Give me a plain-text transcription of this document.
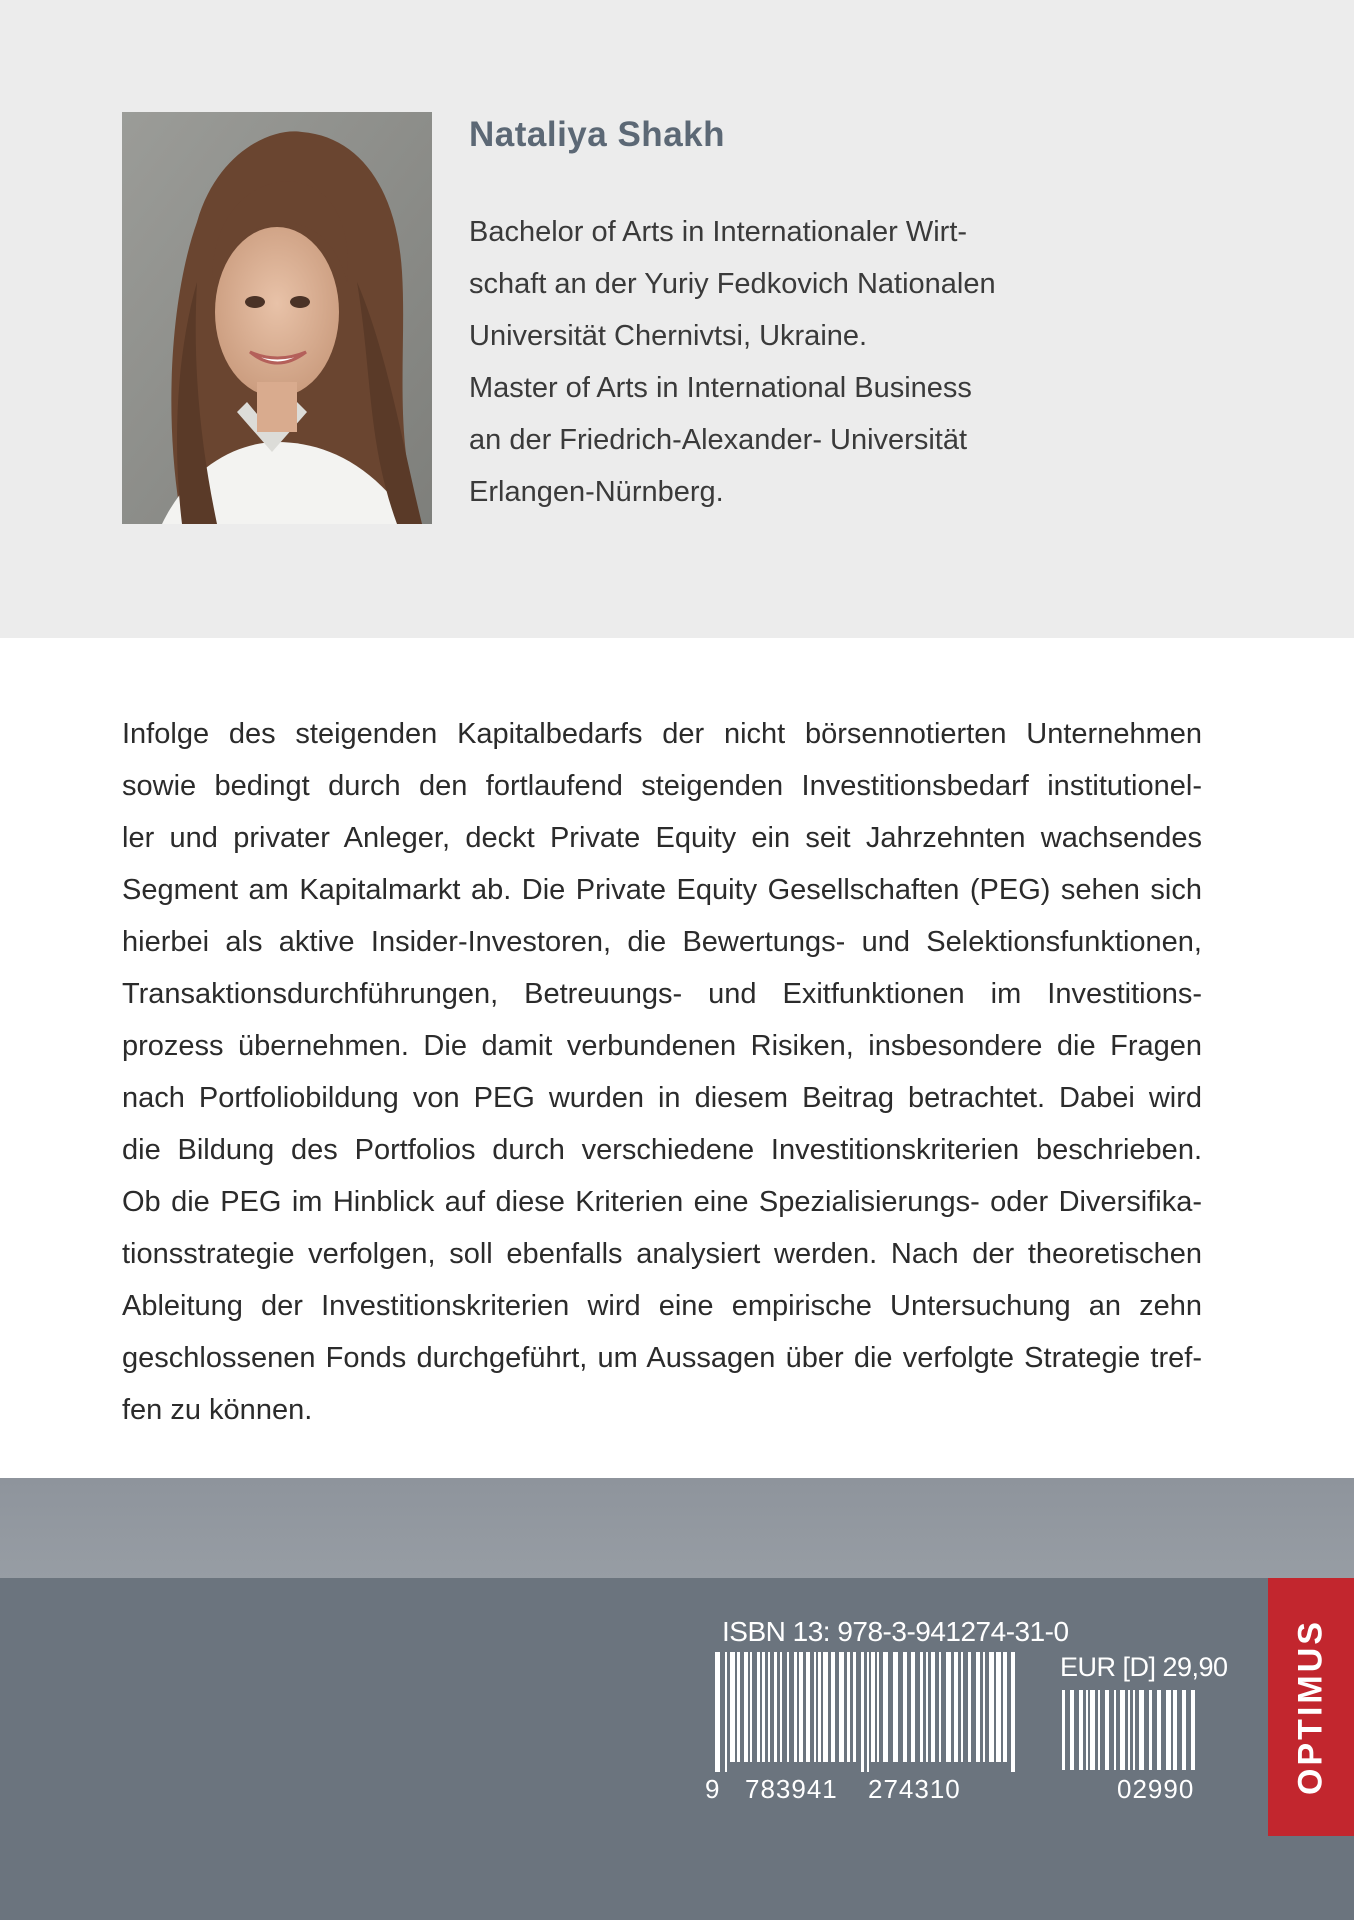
Nataliya Shakh
Bachelor of Arts in Internationaler Wirt-
schaft an der Yuriy Fedkovich Nationalen
Universität Chernivtsi, Ukraine.
Master of Arts in International Business
an der Friedrich-Alexander- Universität
Erlangen-Nürnberg.
Infolge des steigenden Kapitalbedarfs der nicht börsennotierten Unternehmen
sowie bedingt durch den fortlaufend steigenden Investitionsbedarf institutionel-
ler und privater Anleger, deckt Private Equity ein seit Jahrzehnten wachsendes
Segment am Kapitalmarkt ab. Die Private Equity Gesellschaften (PEG) sehen sich
hierbei als aktive Insider-Investoren, die Bewertungs- und Selektionsfunktionen,
Transaktionsdurchführungen, Betreuungs- und Exitfunktionen im Investitions-
prozess übernehmen. Die damit verbundenen Risiken, insbesondere die Fragen
nach Portfoliobildung von PEG wurden in diesem Beitrag betrachtet. Dabei wird
die Bildung des Portfolios durch verschiedene Investitionskriterien beschrieben.
Ob die PEG im Hinblick auf diese Kriterien eine Spezialisierungs- oder Diversifika-
tionsstrategie verfolgen, soll ebenfalls analysiert werden. Nach der theoretischen
Ableitung der Investitionskriterien wird eine empirische Untersuchung an zehn
geschlossenen Fonds durchgeführt, um Aussagen über die verfolgte Strategie tref-
fen zu können.
ISBN 13: 978-3-941274-31-0
9 783941 274310
EUR [D] 29,90
02990	OPTIMUS
